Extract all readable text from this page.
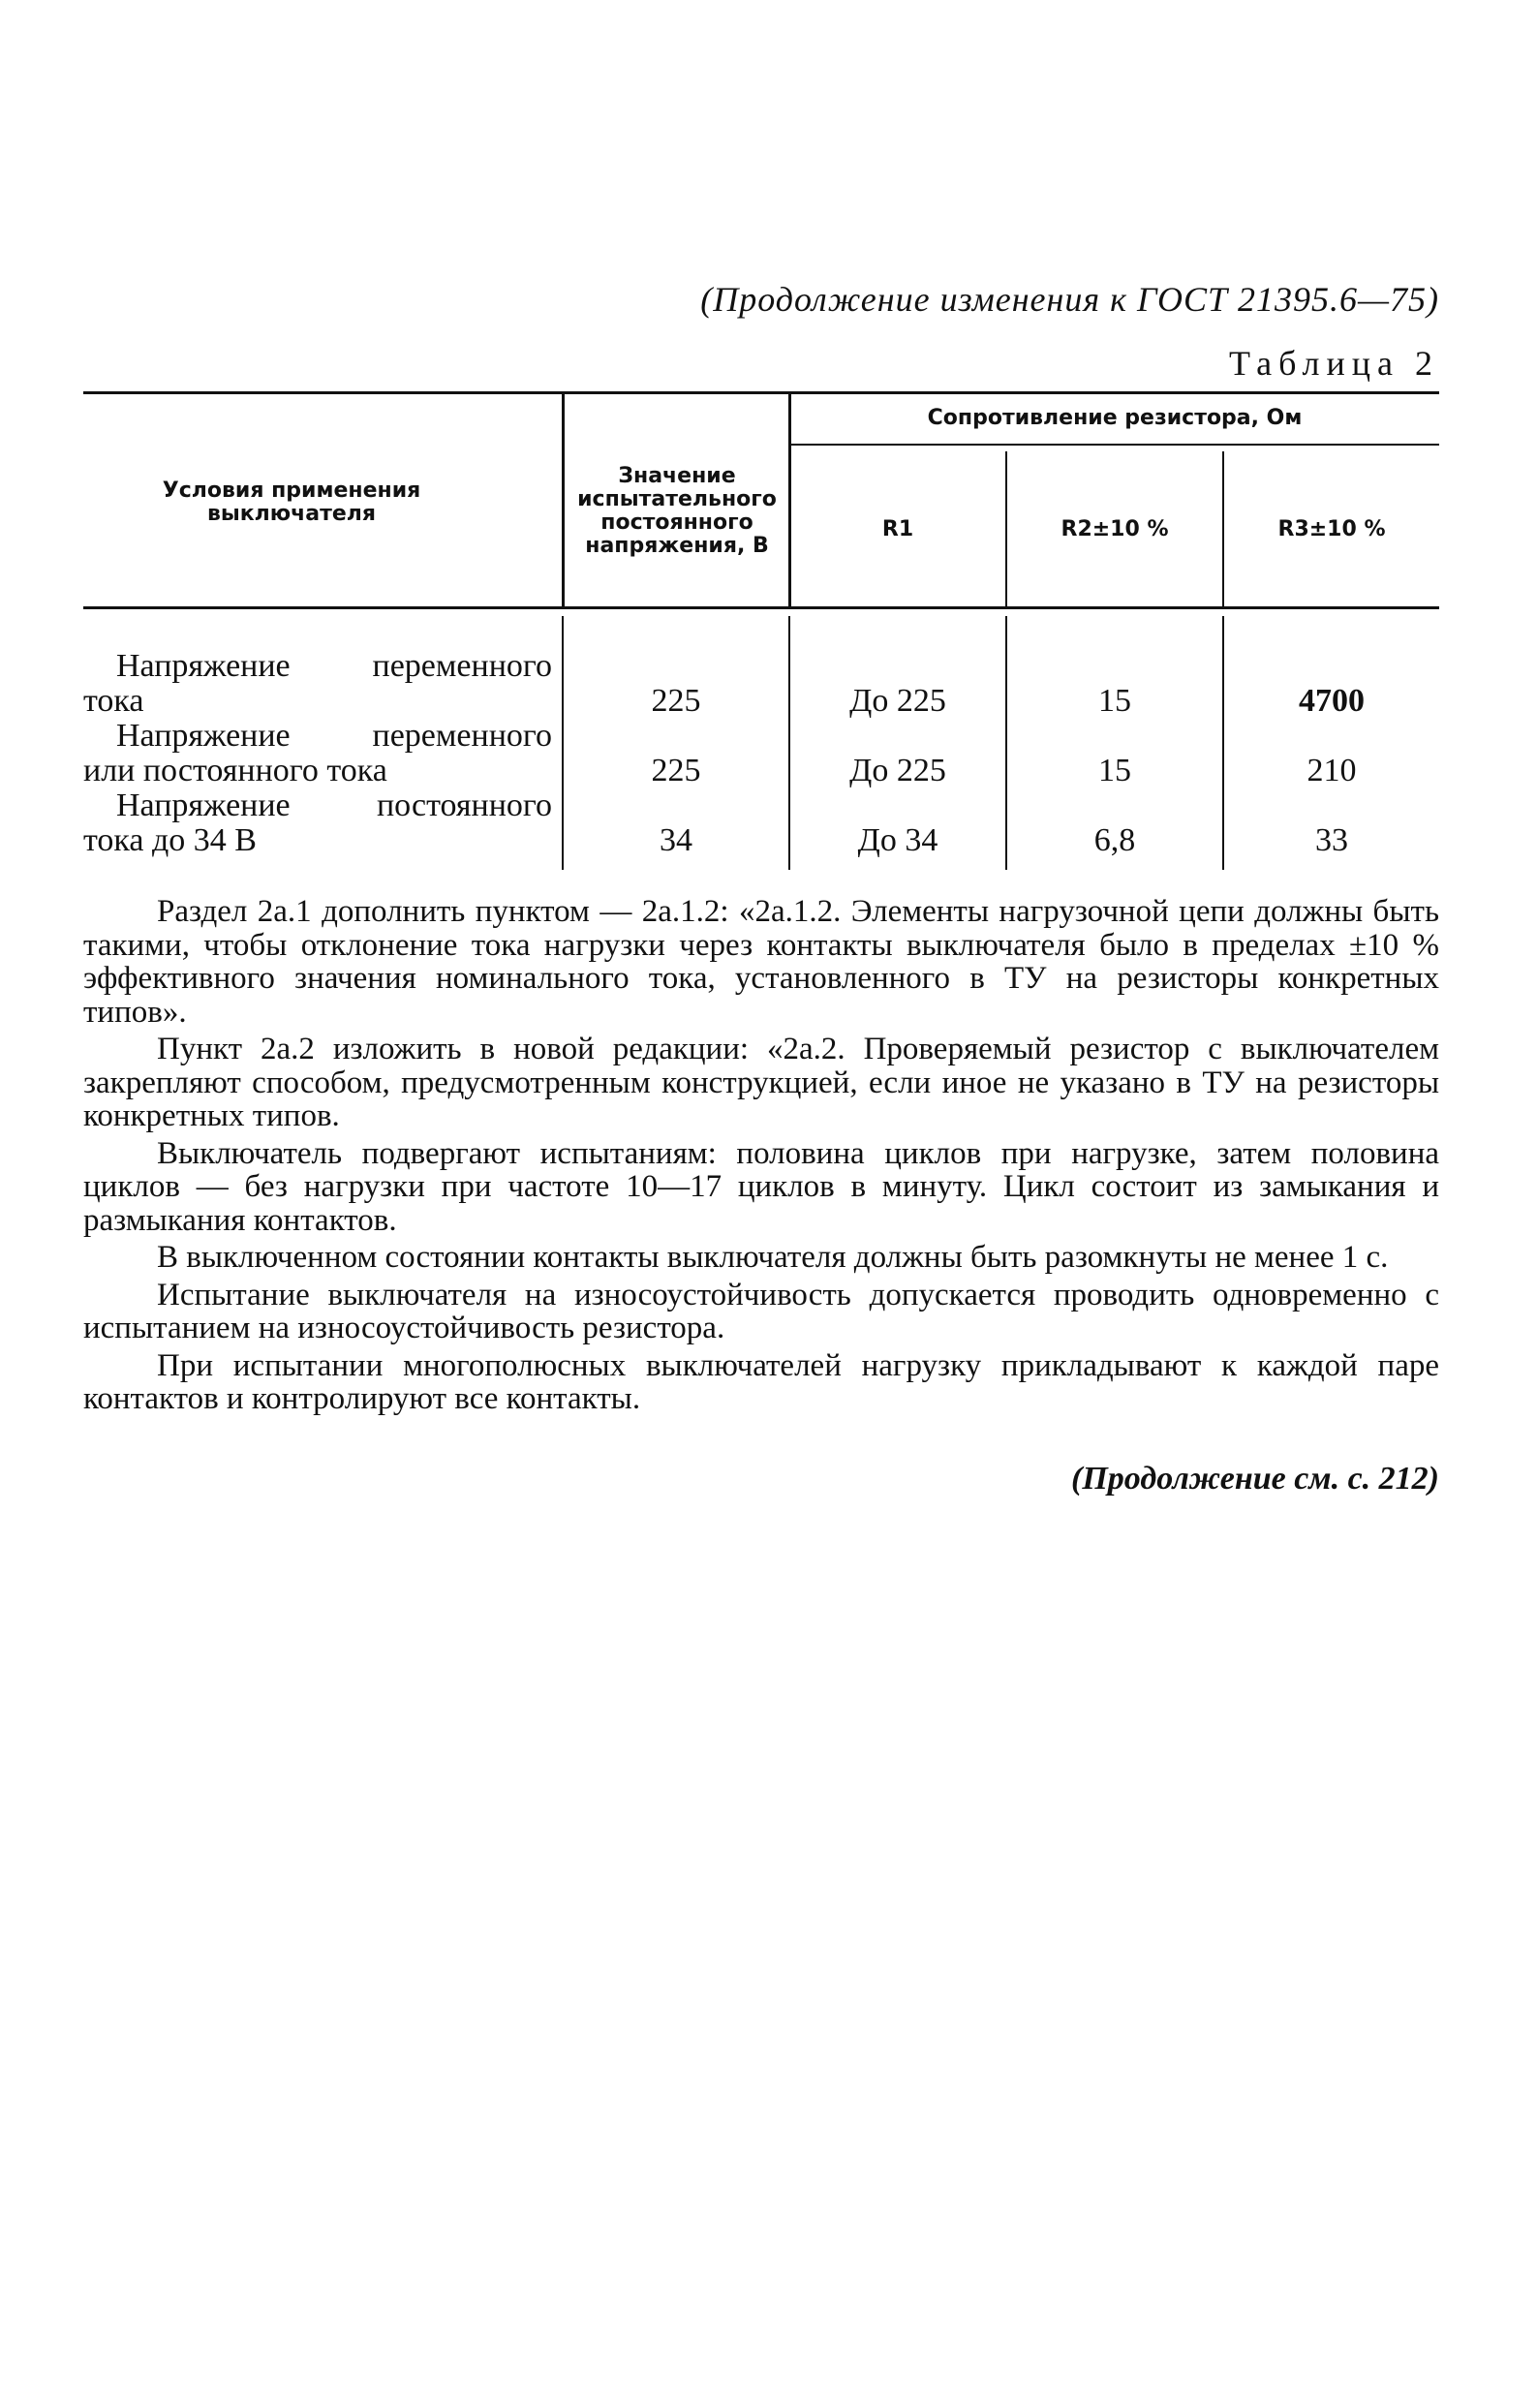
(Продолжение изменения к ГОСТ 21395.6—75)
Таблица 2
Условия применения выключателя
Значение испытательного постоянного напряжения, В
Сопротивление резистора, Ом
R1	R2±10 %	R3±10 %
Напряжение переменного
тока	225	До 225	15	4700
Напряжение переменного
или постоянного тока	225	До 225	15	210
Напряжение постоянного
тока до 34 В	34	До 34	6,8	33

Раздел 2а.1 дополнить пунктом — 2а.1.2: «2а.1.2. Элементы нагрузочной цепи должны быть такими, чтобы отклонение тока нагрузки через контакты выключателя было в пределах ±10 % эффективного значения номинального тока, установленного в ТУ на резисторы конкретных типов».

Пункт 2а.2 изложить в новой редакции: «2а.2. Проверяемый резистор с выключателем закрепляют способом, предусмотренным конструкцией, если иное не указано в ТУ на резисторы конкретных типов.

Выключатель подвергают испытаниям: половина циклов при нагрузке, затем половина циклов — без нагрузки при частоте 10—17 циклов в минуту. Цикл состоит из замыкания и размыкания контактов.

В выключенном состоянии контакты выключателя должны быть разомкнуты не менее 1 с.

Испытание выключателя на износоустойчивость допускается проводить одновременно с испытанием на износоустойчивость резистора.

При испытании многополюсных выключателей нагрузку прикладывают к каждой паре контактов и контролируют все контакты.

(Продолжение см. с. 212)
